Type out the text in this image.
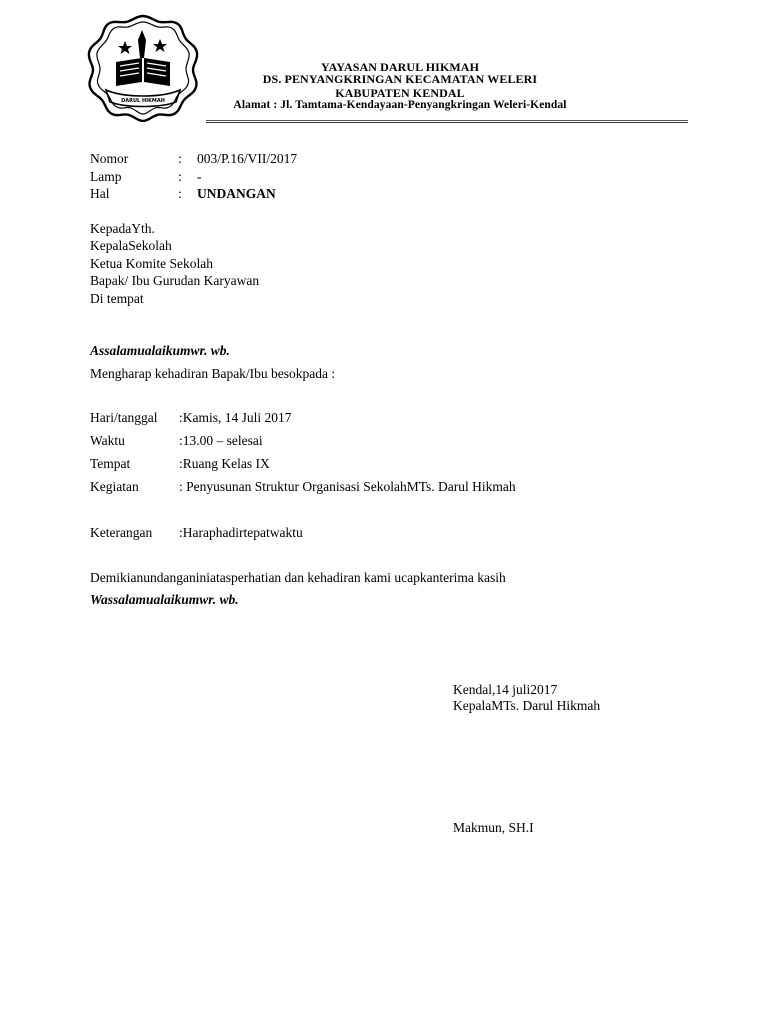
DARUL HIKMAH
YAYASAN DARUL HIKMAH
DS. PENYANGKRINGAN KECAMATAN WELERI
KABUPATEN KENDAL
Alamat : Jl. Tamtama-Kendayaan-Penyangkringan Weleri-Kendal
Nomor	: 003/P.16/VII/2017
Lamp	: -
Hal	: UNDANGAN
KepadaYth.
KepalaSekolah
Ketua Komite Sekolah
Bapak/ Ibu Gurudan Karyawan
Di tempat
Assalamualaikumwr. wb.
Mengharap kehadiran Bapak/Ibu besokpada :
Hari/tanggal :Kamis, 14 Juli 2017
Waktu	:13.00 – selesai
Tempat	:Ruang Kelas IX
Kegiatan	: Penyusunan Struktur Organisasi SekolahMTs. Darul Hikmah
Keterangan :Haraphadirtepatwaktu
Demikianundanganiniatasperhatian dan kehadiran kami ucapkanterima kasih
Wassalamualaikumwr. wb.
Kendal,14 juli2017
KepalaMTs. Darul Hikmah
Makmun, SH.I
